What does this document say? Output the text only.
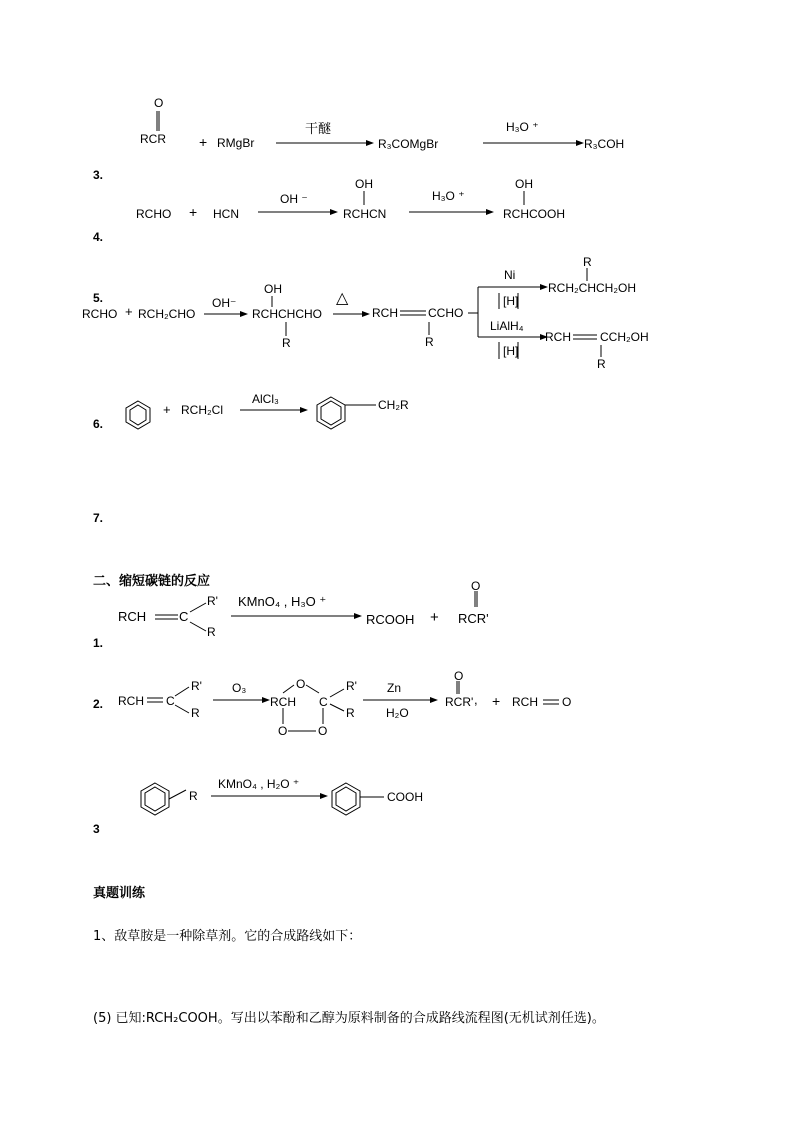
3.
O
RCR + RMgBr
干醚
R₃COMgBr
H₃O ⁺
R₃COH
4.
RCHO + HCN
OH ⁻
OH
RCHCN
H₃O ⁺
OH
RCHCOOH
5.
RCHO + RCH₂CHO
OH⁻
OH
RCHCHCHO
R
△
RCH	CCHO
R
Ni
[H]
R
RCH₂CHCH₂OH
LiAlH₄
[H]
RCH CCH₂OH
R
6.
+ RCH₂Cl
AlCl₃	CH₂R
7.
二、缩短碳链的反应
1.
RCH	C
R'
R
KMnO₄ , H₃O ⁺
RCOOH +
O
RCR'
2. RCH C
R'
R
O₃	O
RCH C
O	O
R'
R
Zn
H₂O
O
RCR' , + RCH O
3
R
KMnO₄ , H₂O ⁺
COOH
真题训练
1、敌草胺是一种除草剂。它的合成路线如下：
(5) 已知:RCH₂COOH。写出以苯酚和乙醇为原料制备的合成路线流程图(无机试剂任选)。
